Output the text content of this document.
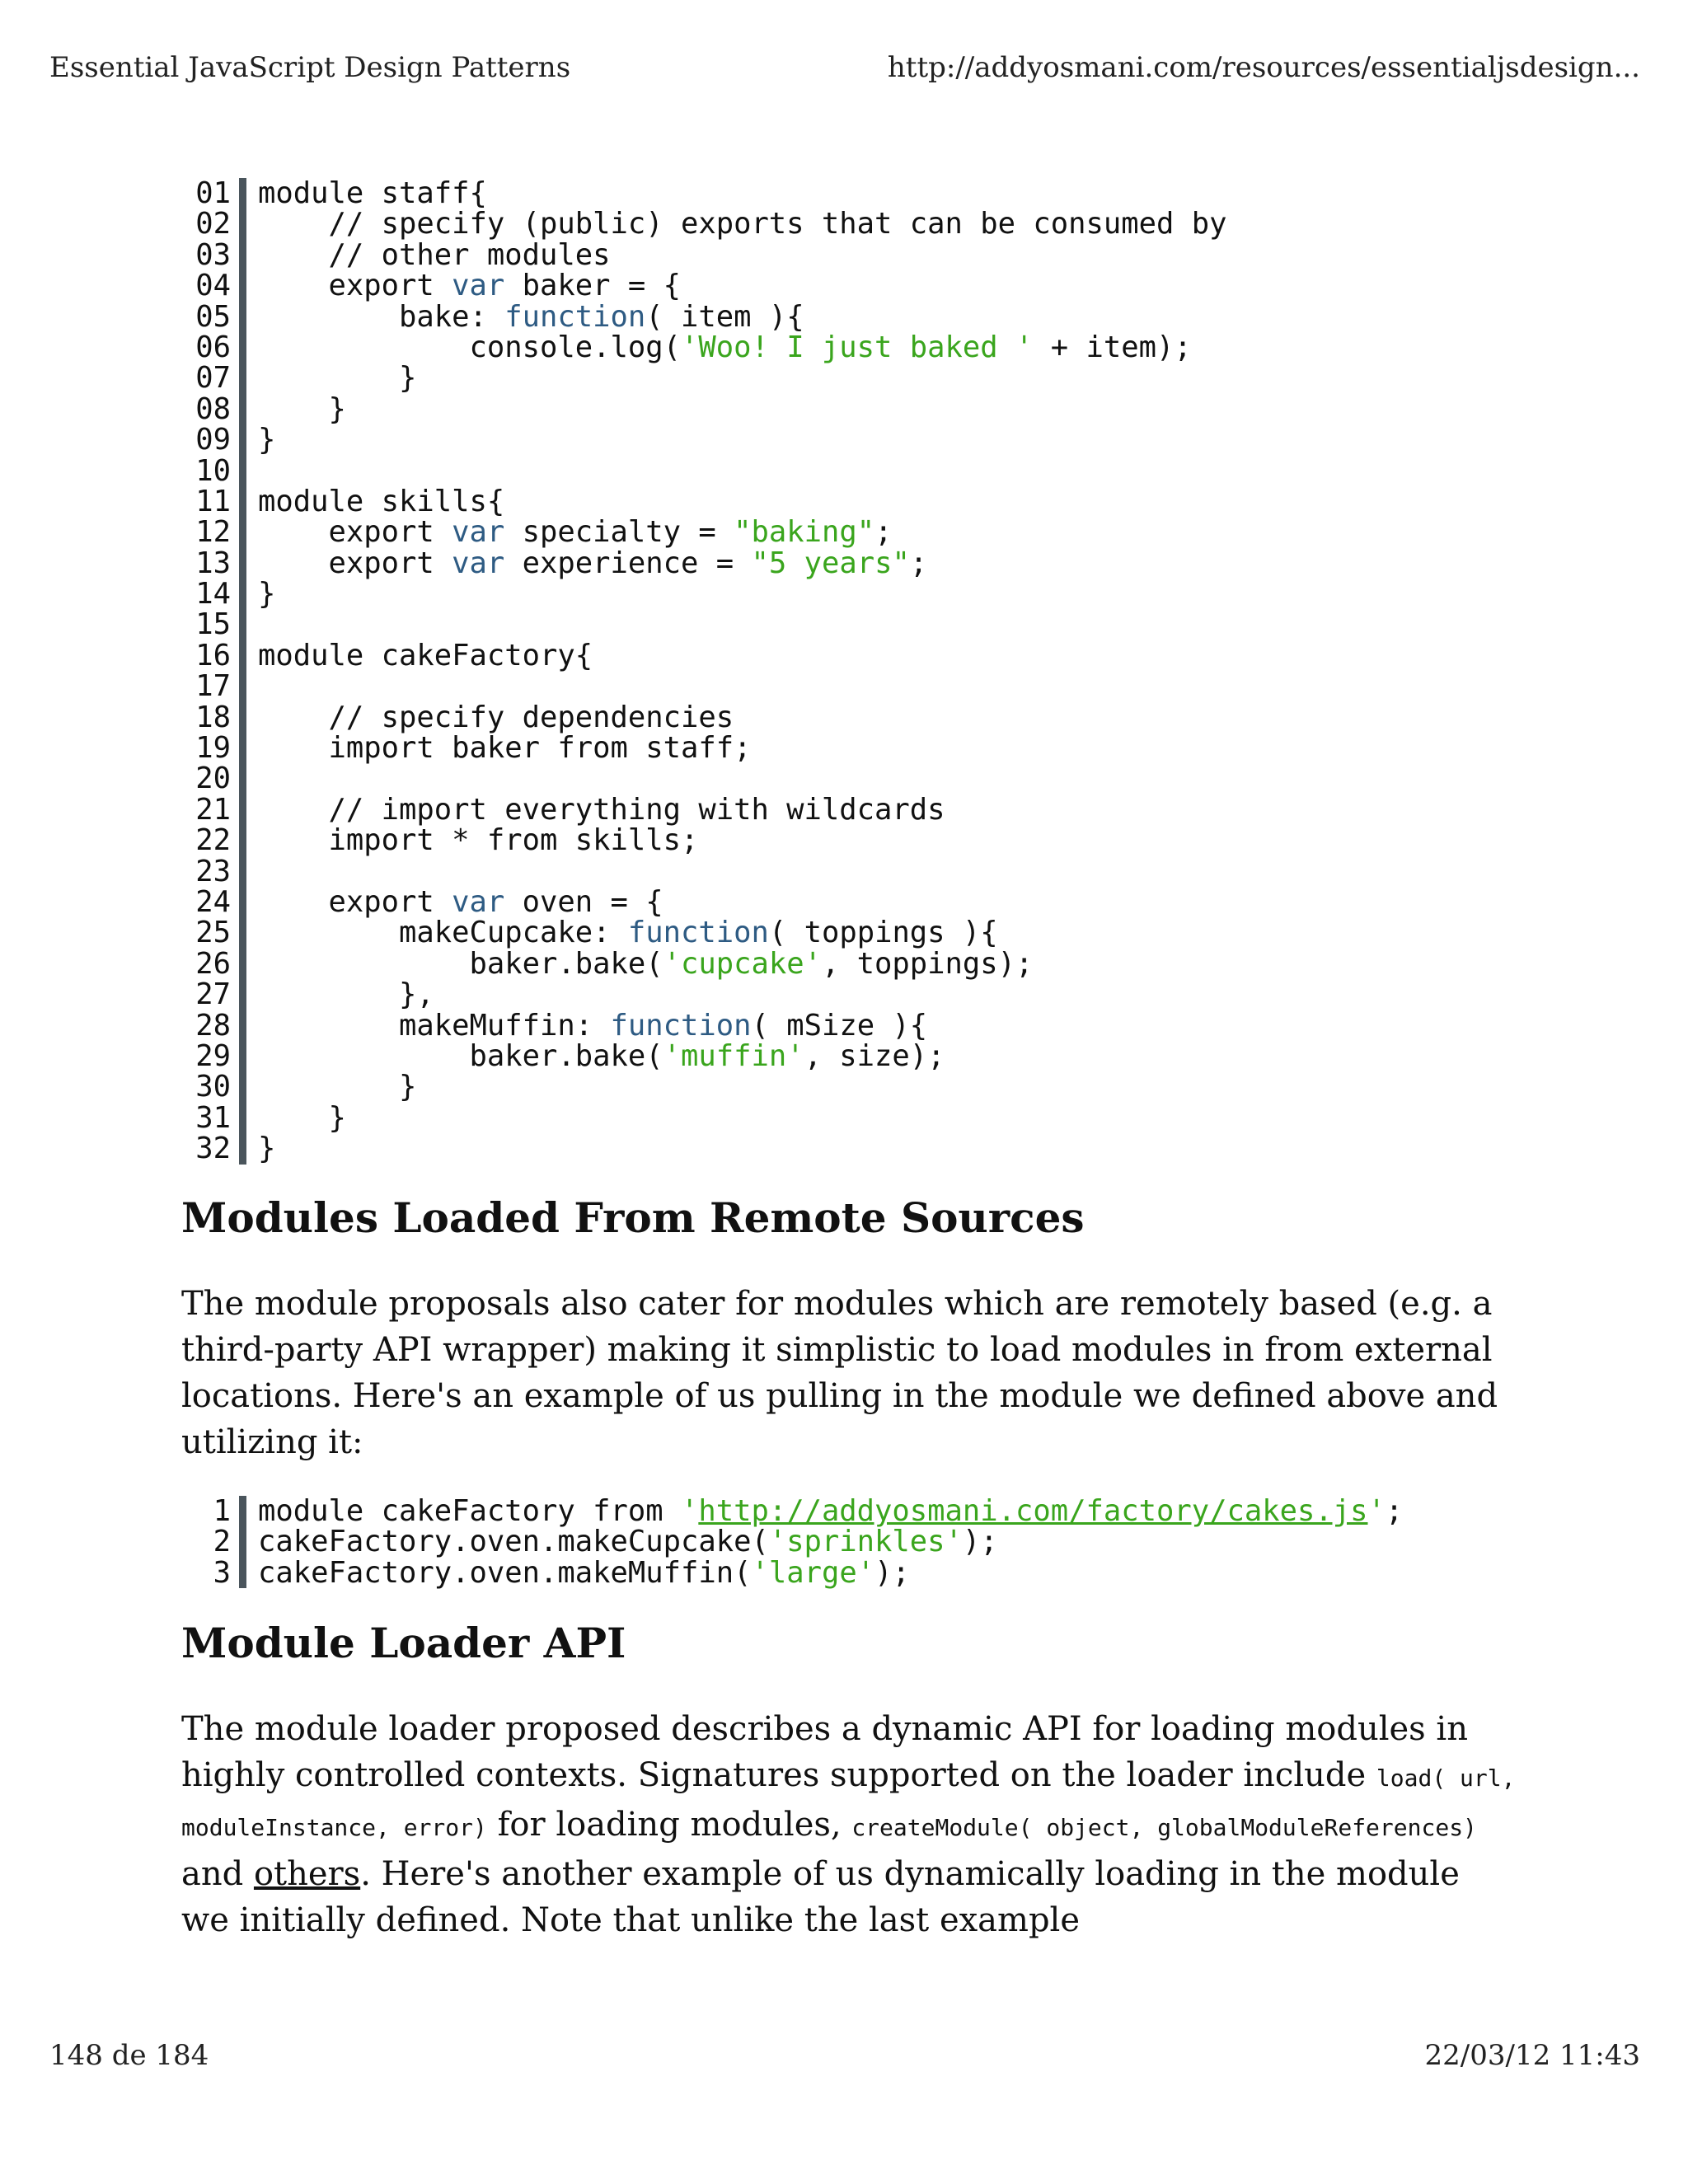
Essential JavaScript Design Patterns	http://addyosmani.com/resources/essentialjsdesign...
01 module staff{
02 // specify (public) exports that can be consumed by
03 // other modules
04 export var baker = {
05 bake: function( item ){
06 console.log('Woo! I just baked ' + item);
07 }
08 }
09 }
10
11 module skills{
12 export var specialty = "baking";
13 export var experience = "5 years";
14 }
15
16 module cakeFactory{
17
18 // specify dependencies
19 import baker from staff;
20
21 // import everything with wildcards
22 import * from skills;
23
24 export var oven = {
25 makeCupcake: function( toppings ){
26 baker.bake('cupcake', toppings);
27 },
28 makeMuffin: function( mSize ){
29 baker.bake('muffin', size);
30 }
31 }
32 }
Modules Loaded From Remote Sources

The module proposals also cater for modules which are remotely based (e.g. a third-party API wrapper) making it simplistic to load modules in from external locations. Here's an example of us pulling in the module we defined above and utilizing it:

1 module cakeFactory from 'http://addyosmani.com/factory/cakes.js';
2 cakeFactory.oven.makeCupcake('sprinkles');
3 cakeFactory.oven.makeMuffin('large');
Module Loader API

The module loader proposed describes a dynamic API for loading modules in highly controlled contexts. Signatures supported on the loader include load( url, moduleInstance, error) for loading modules, createModule( object, globalModuleReferences) and others. Here's another example of us dynamically loading in the module we initially defined. Note that unlike the last example

148 de 184	22/03/12 11:43
